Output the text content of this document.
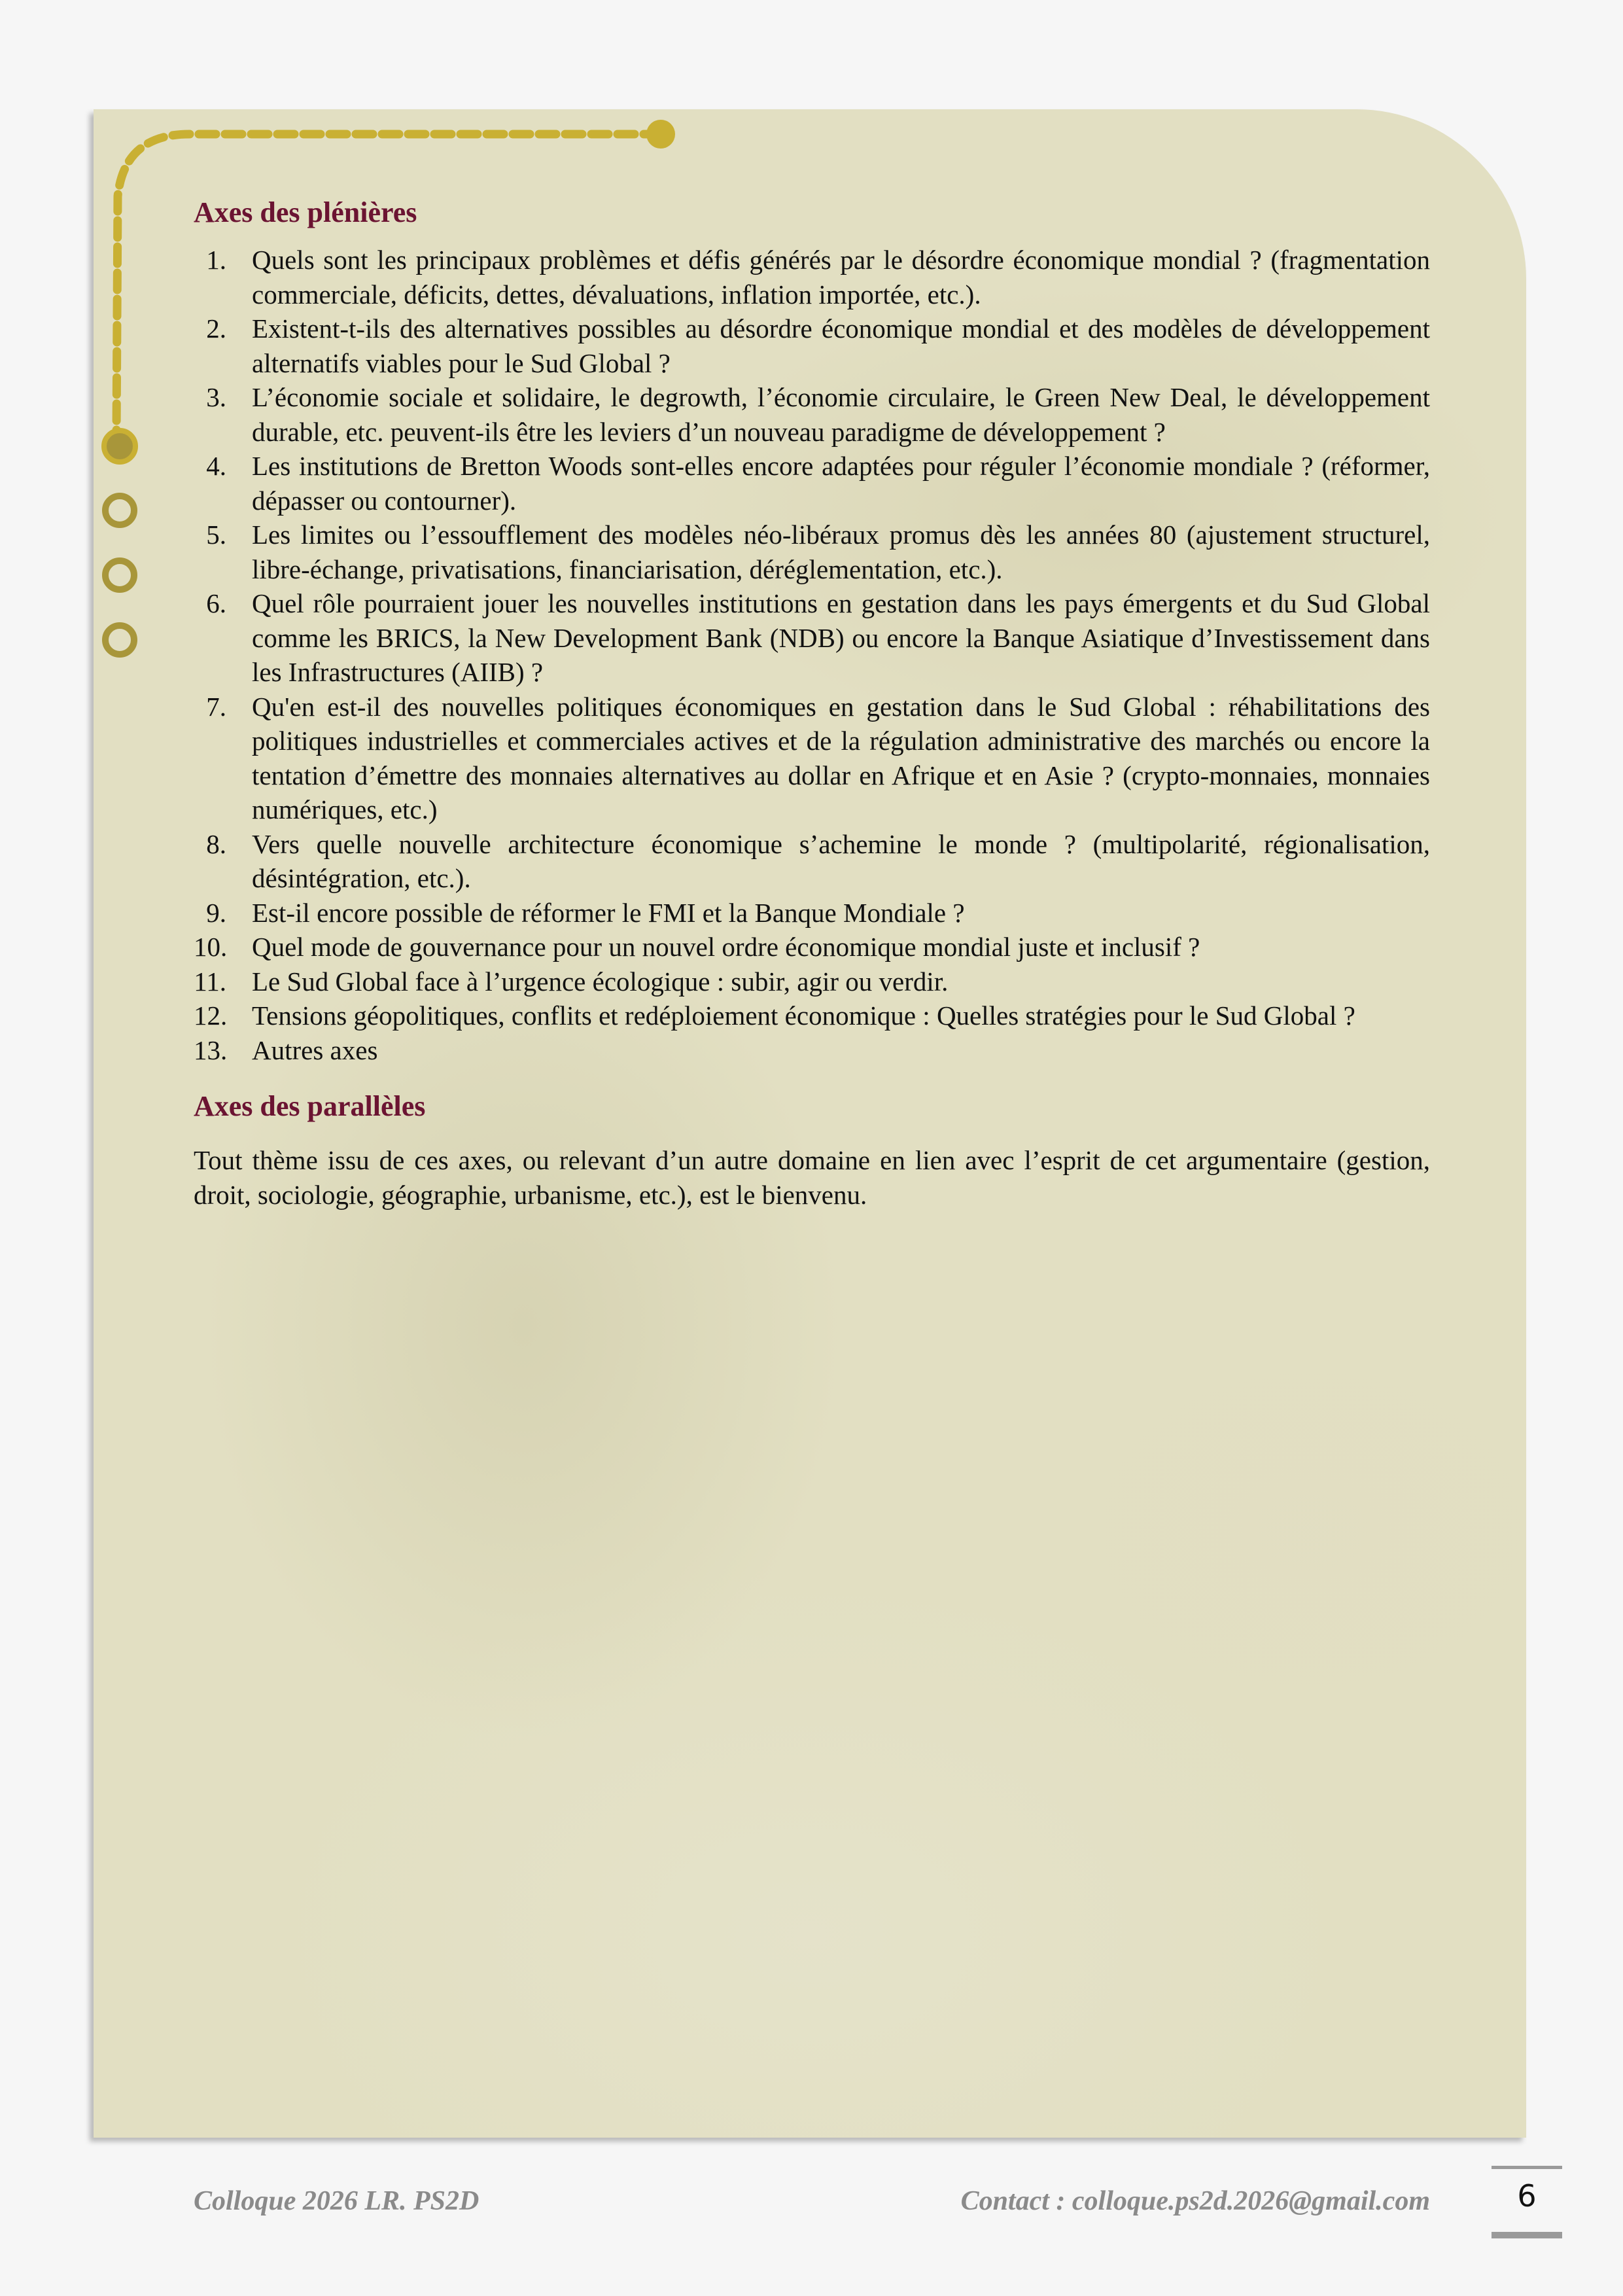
Axes des plénières
1. Quels sont les principaux problèmes et défis générés par le désordre économique mondial ? (fragmentation commerciale, déficits, dettes, dévaluations, inflation importée, etc.).
2. Existent-t-ils des alternatives possibles au désordre économique mondial et des modèles de développement alternatifs viables pour le Sud Global ?
3. L’économie sociale et solidaire, le degrowth, l’économie circulaire, le Green New Deal, le développement durable, etc. peuvent-ils être les leviers d’un nouveau paradigme de développement ?
4. Les institutions de Bretton Woods sont-elles encore adaptées pour réguler l’économie mondiale ? (réformer, dépasser ou contourner).
5. Les limites ou l’essoufflement des modèles néo-libéraux promus dès les années 80 (ajustement structurel, libre-échange, privatisations, financiarisation, déréglementation, etc.).
6. Quel rôle pourraient jouer les nouvelles institutions en gestation dans les pays émergents et du Sud Global comme les BRICS, la New Development Bank (NDB) ou encore la Banque Asiatique d’Investissement dans les Infrastructures (AIIB) ?
7. Qu'en est-il des nouvelles politiques économiques en gestation dans le Sud Global : réhabilitations des politiques industrielles et commerciales actives et de la régulation administrative des marchés ou encore la tentation d’émettre des monnaies alternatives au dollar en Afrique et en Asie ? (crypto-monnaies, monnaies numériques, etc.)
8. Vers quelle nouvelle architecture économique s’achemine le monde ? (multipolarité, régionalisation, désintégration, etc.).
9. Est-il encore possible de réformer le FMI et la Banque Mondiale ?
10. Quel mode de gouvernance pour un nouvel ordre économique mondial juste et inclusif ?
11. Le Sud Global face à l’urgence écologique : subir, agir ou verdir.
12. Tensions géopolitiques, conflits et redéploiement économique : Quelles stratégies pour le Sud Global ?
13. Autres axes
Axes des parallèles

Tout thème issu de ces axes, ou relevant d’un autre domaine en lien avec l’esprit de cet argumentaire (gestion, droit, sociologie, géographie, urbanisme, etc.), est le bienvenu.

Colloque 2026 LR. PS2D	Contact : colloque.ps2d.2026@gmail.com	6
